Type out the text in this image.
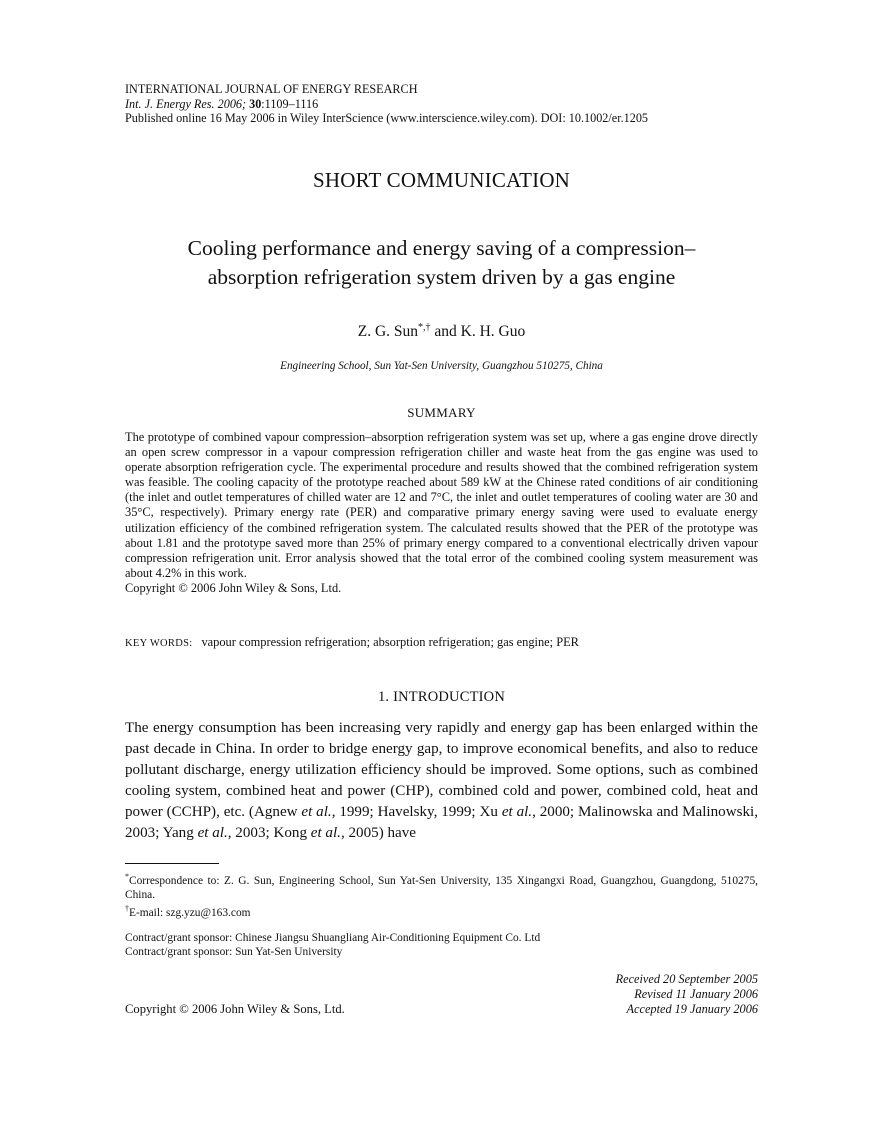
INTERNATIONAL JOURNAL OF ENERGY RESEARCH
Int. J. Energy Res. 2006; 30:1109–1116
Published online 16 May 2006 in Wiley InterScience (www.interscience.wiley.com). DOI: 10.1002/er.1205
SHORT COMMUNICATION
Cooling performance and energy saving of a compression–
absorption refrigeration system driven by a gas engine
Z. G. Sun*,† and K. H. Guo
Engineering School, Sun Yat-Sen University, Guangzhou 510275, China
SUMMARY

The prototype of combined vapour compression–absorption refrigeration system was set up, where a gas engine drove directly an open screw compressor in a vapour compression refrigeration chiller and waste heat from the gas engine was used to operate absorption refrigeration cycle. The experimental procedure and results showed that the combined refrigeration system was feasible. The cooling capacity of the prototype reached about 589 kW at the Chinese rated conditions of air conditioning (the inlet and outlet temperatures of chilled water are 12 and 7°C, the inlet and outlet temperatures of cooling water are 30 and 35°C, respectively). Primary energy rate (PER) and comparative primary energy saving were used to evaluate energy utilization efficiency of the combined refrigeration system. The calculated results showed that the PER of the prototype was about 1.81 and the prototype saved more than 25% of primary energy compared to a conventional electrically driven vapour compression refrigeration unit. Error analysis showed that the total error of the combined cooling system measurement was about 4.2% in this work.

Copyright © 2006 John Wiley & Sons, Ltd.

KEY WORDS: vapour compression refrigeration; absorption refrigeration; gas engine; PER
1. INTRODUCTION

The energy consumption has been increasing very rapidly and energy gap has been enlarged within the past decade in China. In order to bridge energy gap, to improve economical benefits, and also to reduce pollutant discharge, energy utilization efficiency should be improved. Some options, such as combined cooling system, combined heat and power (CHP), combined cold and power, combined cold, heat and power (CCHP), etc. (Agnew et al., 1999; Havelsky, 1999; Xu et al., 2000; Malinowska and Malinowski, 2003; Yang et al., 2003; Kong et al., 2005) have

*Correspondence to: Z. G. Sun, Engineering School, Sun Yat-Sen University, 135 Xingangxi Road, Guangzhou, Guangdong, 510275, China.

†E-mail: szg.yzu@163.com

Contract/grant sponsor: Chinese Jiangsu Shuangliang Air-Conditioning Equipment Co. Ltd

Contract/grant sponsor: Sun Yat-Sen University

Received 20 September 2005
Revised 11 January 2006
Accepted 19 January 2006
Copyright © 2006 John Wiley & Sons, Ltd.
